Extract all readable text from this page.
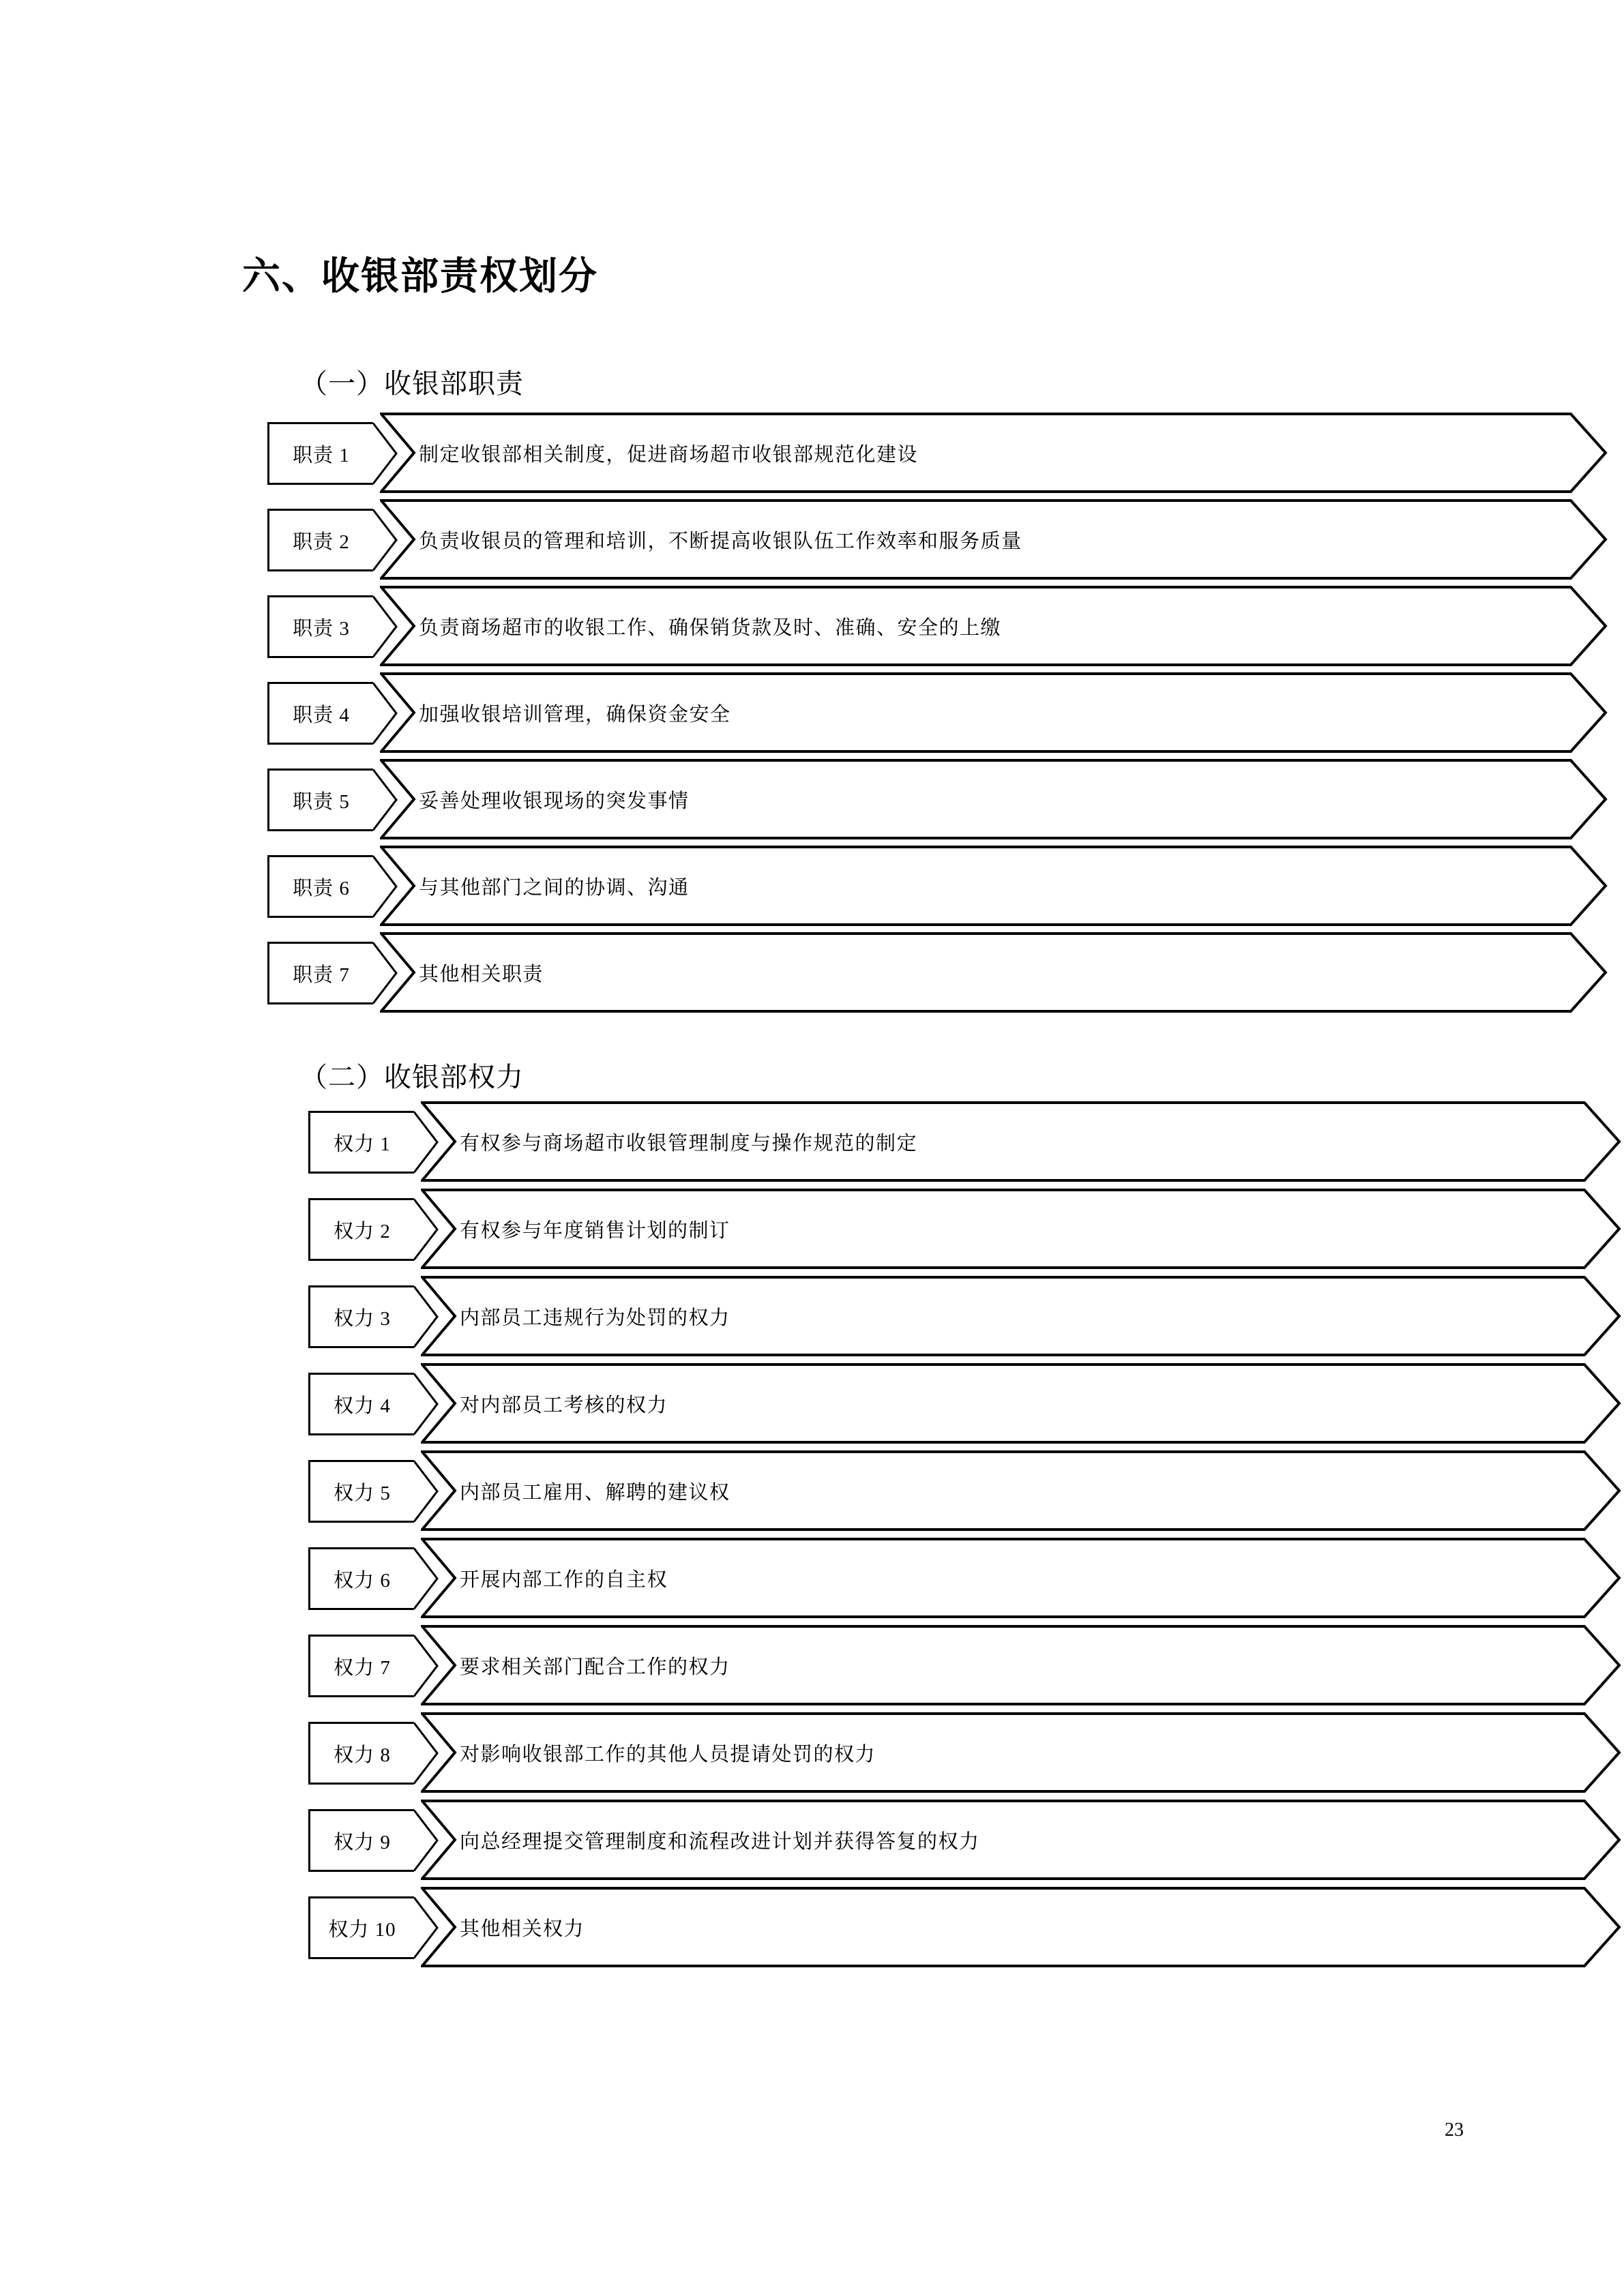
六、收银部责权划分
（一）收银部职责
职责 1	制定收银部相关制度，促进商场超市收银部规范化建设
职责 2	负责收银员的管理和培训，不断提高收银队伍工作效率和服务质量
职责 3	负责商场超市的收银工作、确保销货款及时、准确、安全的上缴
职责 4	加强收银培训管理，确保资金安全
职责 5	妥善处理收银现场的突发事情
职责 6	与其他部门之间的协调、沟通
职责 7	其他相关职责
（二）收银部权力
权力 1	有权参与商场超市收银管理制度与操作规范的制定
权力 2	有权参与年度销售计划的制订
权力 3	内部员工违规行为处罚的权力
权力 4	对内部员工考核的权力
权力 5	内部员工雇用、解聘的建议权
权力 6	开展内部工作的自主权
权力 7	要求相关部门配合工作的权力
权力 8	对影响收银部工作的其他人员提请处罚的权力
权力 9	向总经理提交管理制度和流程改进计划并获得答复的权力
权力 10	其他相关权力
23
